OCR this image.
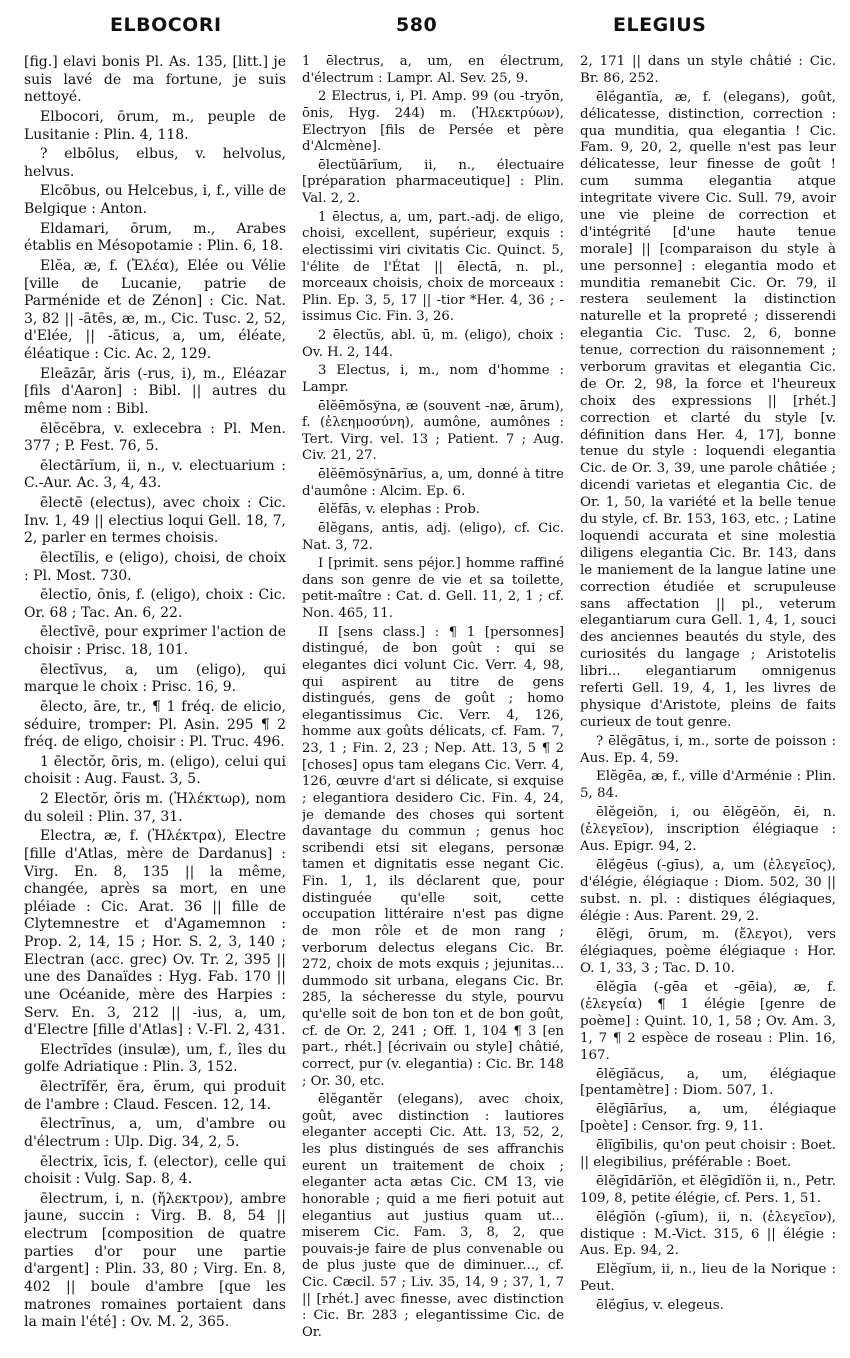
ELBOCORI	580	ELEGIUS

[fig.] elavi bonis Pl. As. 135, [litt.] je suis lavé de ma fortune, je suis nettoyé.

Elbocori, ōrum, m., peuple de Lusitanie : Plin. 4, 118.

? elbōlus, elbus, v. helvolus, helvus.

Elcōbus, ou Helcebus, i, f., ville de Belgique : Anton.

Eldamari, ōrum, m., Arabes établis en Mésopotamie : Plin. 6, 18.

Elĕa, æ, f. (Ἐλέα), Elée ou Vélie [ville de Lucanie, patrie de Parménide et de Zénon] : Cic. Nat. 3, 82 || -ātēs, æ, m., Cic. Tusc. 2, 52, d'Elée, || -āticus, a, um, éléate, éléatique : Cic. Ac. 2, 129.

Eleāzār, ăris (-rus, i), m., Eléazar [fils d'Aaron] : Bibl. || autres du même nom : Bibl.

ēlĕcĕbra, v. exlecebra : Pl. Men. 377 ; P. Fest. 76, 5.

ēlectārĭum, ii, n., v. electuarium : C.-Aur. Ac. 3, 4, 43.

ēlectē (electus), avec choix : Cic. Inv. 1, 49 || electius loqui Gell. 18, 7, 2, parler en termes choisis.

ēlectĭlis, e (eligo), choisi, de choix : Pl. Most. 730.

ēlectĭo, ōnis, f. (eligo), choix : Cic. Or. 68 ; Tac. An. 6, 22.

ēlectīvē, pour exprimer l'action de choisir : Prisc. 18, 101.

ēlectīvus, a, um (eligo), qui marque le choix : Prisc. 16, 9.

ēlecto, āre, tr., ¶ 1 fréq. de elicio, séduire, tromper: Pl. Asin. 295 ¶ 2 fréq. de eligo, choisir : Pl. Truc. 496.

1 ēlectŏr, ōris, m. (eligo), celui qui choisit : Aug. Faust. 3, 5.

2 Electŏr, ŏris m. (Ἠλέκτωρ), nom du soleil : Plin. 37, 31.

Electra, æ, f. (Ἠλέκτρα), Electre [fille d'Atlas, mère de Dardanus] : Virg. En. 8, 135 || la même, changée, après sa mort, en une pléiade : Cic. Arat. 36 || fille de Clytemnestre et d'Agamemnon : Prop. 2, 14, 15 ; Hor. S. 2, 3, 140 ; Electran (acc. grec) Ov. Tr. 2, 395 || une des Danaïdes : Hyg. Fab. 170 || une Océanide, mère des Harpies : Serv. En. 3, 212 || -ius, a, um, d'Electre [fille d'Atlas] : V.-Fl. 2, 431.

Electrĭdes (insulæ), um, f., îles du golfe Adriatique : Plin. 3, 152.

ēlectrĭfĕr, ĕra, ĕrum, qui produit de l'ambre : Claud. Fescen. 12, 14.

ēlectrĭnus, a, um, d'ambre ou d'électrum : Ulp. Dig. 34, 2, 5.

ēlectrix, īcis, f. (elector), celle qui choisit : Vulg. Sap. 8, 4.

ēlectrum, i, n. (ἤλεκτρον), ambre jaune, succin : Virg. B. 8, 54 || electrum [composition de quatre parties d'or pour une partie d'argent] : Plin. 33, 80 ; Virg. En. 8, 402 || boule d'ambre [que les matrones romaines portaient dans la main l'été] : Ov. M. 2, 365.

1 ēlectrus, a, um, en électrum, d'électrum : Lampr. Al. Sev. 25, 9.

2 Electrus, i, Pl. Amp. 99 (ou -tryōn, ōnis, Hyg. 244) m. (Ἠλεκτρύων), Electryon [fils de Persée et père d'Alcmène].

ēlectŭārĭum, ii, n., électuaire [préparation pharmaceutique] : Plin. Val. 2, 2.

1 ēlectus, a, um, part.-adj. de eligo, choisi, excellent, supérieur, exquis : electissimi viri civitatis Cic. Quinct. 5, l'élite de l'État || ēlectā, n. pl., morceaux choisis, choix de morceaux : Plin. Ep. 3, 5, 17 || -tior *Her. 4, 36 ; -issimus Cic. Fin. 3, 26.

2 ēlectŭs, abl. ū, m. (eligo), choix : Ov. H. 2, 144.

3 Electus, i, m., nom d'homme : Lampr.

ēlĕēmŏsўna, æ (souvent -næ, ārum), f. (ἐλεημοσύνη), aumône, aumônes : Tert. Virg. vel. 13 ; Patient. 7 ; Aug. Civ. 21, 27.

ēlĕēmŏsўnārĭus, a, um, donné à titre d'aumône : Alcim. Ep. 6.

ēlĕfās, v. elephas : Prob.

ēlĕgans, antis, adj. (eligo), cf. Cic. Nat. 3, 72.

I [primit. sens péjor.] homme raffiné dans son genre de vie et sa toilette, petit-maître : Cat. d. Gell. 11, 2, 1 ; cf. Non. 465, 11.

II [sens class.] : ¶ 1 [personnes] distingué, de bon goût : qui se elegantes dici volunt Cic. Verr. 4, 98, qui aspirent au titre de gens distingués, gens de goût ; homo elegantissimus Cic. Verr. 4, 126, homme aux goûts délicats, cf. Fam. 7, 23, 1 ; Fin. 2, 23 ; Nep. Att. 13, 5 ¶ 2 [choses] opus tam elegans Cic. Verr. 4, 126, œuvre d'art si délicate, si exquise ; elegantiora desidero Cic. Fin. 4, 24, je demande des choses qui sortent davantage du commun ; genus hoc scribendi etsi sit elegans, personæ tamen et dignitatis esse negant Cic. Fin. 1, 1, ils déclarent que, pour distinguée qu'elle soit, cette occupation littéraire n'est pas digne de mon rôle et de mon rang ; verborum delectus elegans Cic. Br. 272, choix de mots exquis ; jejunitas... dummodo sit urbana, elegans Cic. Br. 285, la sécheresse du style, pourvu qu'elle soit de bon ton et de bon goût, cf. de Or. 2, 241 ; Off. 1, 104 ¶ 3 [en part., rhét.] [écrivain ou style] châtié, correct, pur (v. elegantia) : Cic. Br. 148 ; Or. 30, etc.

ēlĕgantĕr (elegans), avec choix, goût, avec distinction : lautiores eleganter accepti Cic. Att. 13, 52, 2, les plus distingués de ses affranchis eurent un traitement de choix ; eleganter acta ætas Cic. CM 13, vie honorable ; quid a me fieri potuit aut elegantius aut justius quam ut... miserem Cic. Fam. 3, 8, 2, que pouvais-je faire de plus convenable ou de plus juste que de diminuer..., cf. Cic. Cæcil. 57 ; Liv. 35, 14, 9 ; 37, 1, 7 || [rhét.] avec finesse, avec distinction : Cic. Br. 283 ; elegantissime Cic. de Or.

2, 171 || dans un style châtié : Cic. Br. 86, 252.

ēlĕgantĭa, æ, f. (elegans), goût, délicatesse, distinction, correction : qua munditia, qua elegantia ! Cic. Fam. 9, 20, 2, quelle n'est pas leur délicatesse, leur finesse de goût ! cum summa elegantia atque integritate vivere Cic. Sull. 79, avoir une vie pleine de correction et d'intégrité [d'une haute tenue morale] || [comparaison du style à une personne] : elegantia modo et munditia remanebit Cic. Or. 79, il restera seulement la distinction naturelle et la propreté ; disserendi elegantia Cic. Tusc. 2, 6, bonne tenue, correction du raisonnement ; verborum gravitas et elegantia Cic. de Or. 2, 98, la force et l'heureux choix des expressions || [rhét.] correction et clarté du style [v. définition dans Her. 4, 17], bonne tenue du style : loquendi elegantia Cic. de Or. 3, 39, une parole châtiée ; dicendi varietas et elegantia Cic. de Or. 1, 50, la variété et la belle tenue du style, cf. Br. 153, 163, etc. ; Latine loquendi accurata et sine molestia diligens elegantia Cic. Br. 143, dans le maniement de la langue latine une correction étudiée et scrupuleuse sans affectation || pl., veterum elegantiarum cura Gell. 1, 4, 1, souci des anciennes beautés du style, des curiosités du langage ; Aristotelis libri... elegantiarum omnigenus referti Gell. 19, 4, 1, les livres de physique d'Aristote, pleins de faits curieux de tout genre.

? ēlĕgātus, i, m., sorte de poisson : Aus. Ep. 4, 59.

Elĕgēa, æ, f., ville d'Arménie : Plin. 5, 84.

ēlĕgeiŏn, i, ou ēlĕgēŏn, ēi, n. (ἐλεγεῖον), inscription élégiaque : Aus. Epigr. 94, 2.

ēlĕgēus (-gīus), a, um (ἐλεγεῖος), d'élégie, élégiaque : Diom. 502, 30 || subst. n. pl. : distiques élégiaques, élégie : Aus. Parent. 29, 2.

ēlĕgi, ōrum, m. (ἔλεγοι), vers élégiaques, poème élégiaque : Hor. O. 1, 33, 3 ; Tac. D. 10.

ēlĕgīa (-gēa et -gēia), æ, f. (ἐλεγεία) ¶ 1 élégie [genre de poème] : Quint. 10, 1, 58 ; Ov. Am. 3, 1, 7 ¶ 2 espèce de roseau : Plin. 16, 167.

ēlĕgīăcus, a, um, élégiaque [pentamètre] : Diom. 507, 1.

ēlĕgīārĭus, a, um, élégiaque [poète] : Censor. frg. 9, 11.

ēlĭgībilis, qu'on peut choisir : Boet. || elegibilius, préférable : Boet.

ēlĕgīdārĭŏn, et ēlĕgīdĭŏn ii, n., Petr. 109, 8, petite élégie, cf. Pers. 1, 51.

ēlĕgīŏn (-gīum), ii, n. (ἐλεγεῖον), distique : M.-Vict. 315, 6 || élégie : Aus. Ep. 94, 2.

Elĕgĭum, ii, n., lieu de la Norique : Peut.

ēlĕgīus, v. elegeus.
